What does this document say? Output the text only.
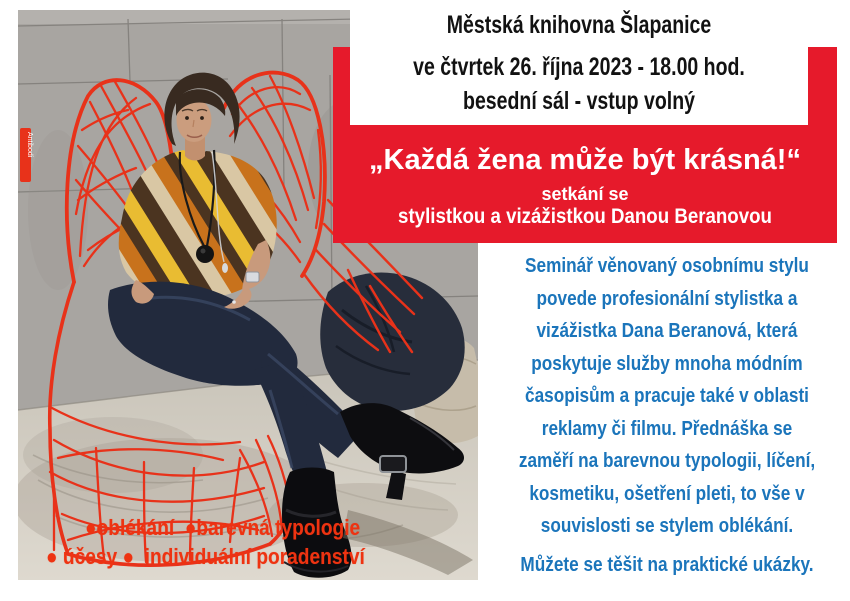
Antibodi
Městská knihovna Šlapanice
ve čtvrtek 26. října 2023 - 18.00 hod.
besední sál - vstup volný
„Každá žena může být krásná!“
setkání se
stylistkou a vizážistkou Danou Beranovou
Seminář věnovaný osobnímu stylu
povede profesionální stylistka a
vizážistka Dana Beranová, která
poskytuje služby mnoha módním
časopisům a pracuje také v oblasti
reklamy či filmu. Přednáška se
zaměří na barevnou typologii, líčení,
kosmetiku, ošetření pleti, to vše v
souvislosti se stylem oblékání.
Můžete se těšit na praktické ukázky.
●oblékání  ●barevná typologie
● účesy ●  individuální poradenství
